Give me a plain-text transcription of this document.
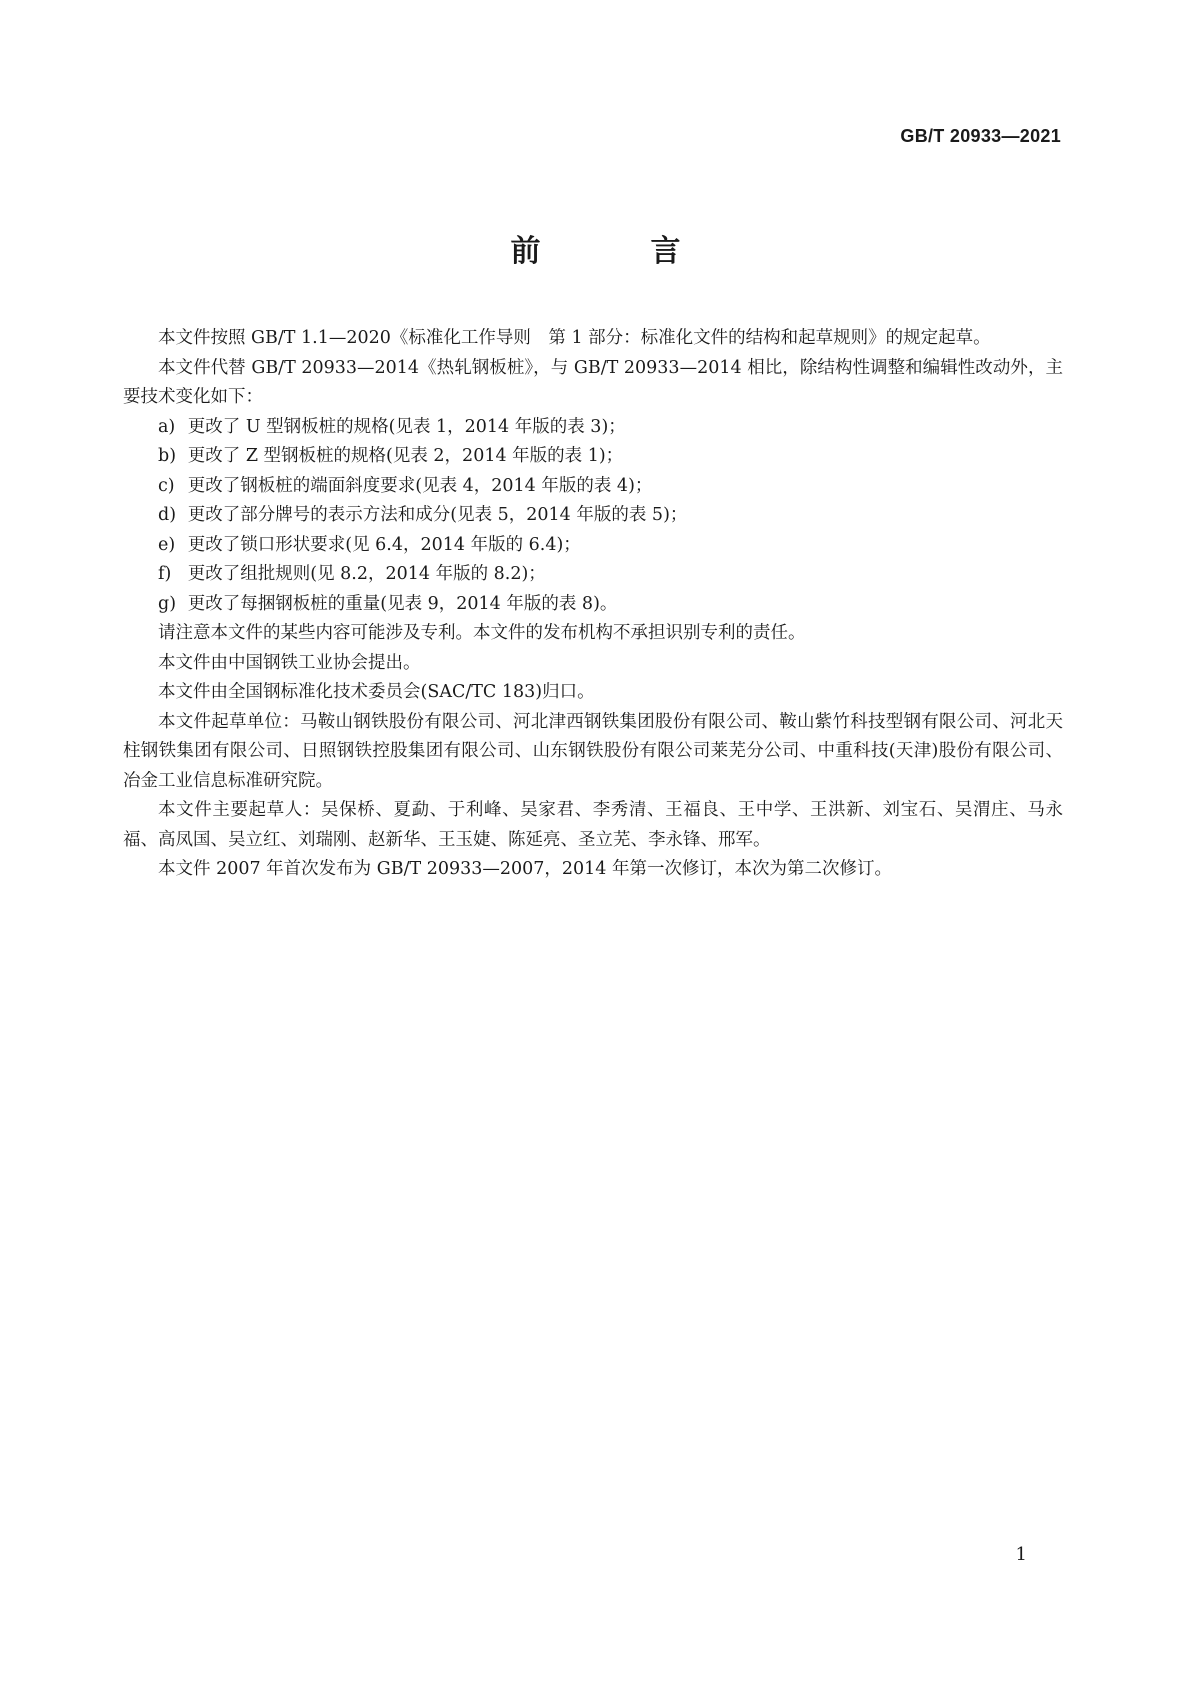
GB/T 20933—2021
前　言

本文件按照 GB/T 1.1—2020《标准化工作导则　第 1 部分：标准化文件的结构和起草规则》的规定起草。

本文件代替 GB/T 20933—2014《热轧钢板桩》，与 GB/T 20933—2014 相比，除结构性调整和编辑性改动外，主要技术变化如下：

a) 更改了 U 型钢板桩的规格(见表 1，2014 年版的表 3)；
b) 更改了 Z 型钢板桩的规格(见表 2，2014 年版的表 1)；
c) 更改了钢板桩的端面斜度要求(见表 4，2014 年版的表 4)；
d) 更改了部分牌号的表示方法和成分(见表 5，2014 年版的表 5)；
e) 更改了锁口形状要求(见 6.4，2014 年版的 6.4)；
f) 更改了组批规则(见 8.2，2014 年版的 8.2)；
g) 更改了每捆钢板桩的重量(见表 9，2014 年版的表 8)。

请注意本文件的某些内容可能涉及专利。本文件的发布机构不承担识别专利的责任。

本文件由中国钢铁工业协会提出。

本文件由全国钢标准化技术委员会(SAC/TC 183)归口。

本文件起草单位：马鞍山钢铁股份有限公司、河北津西钢铁集团股份有限公司、鞍山紫竹科技型钢有限公司、河北天柱钢铁集团有限公司、日照钢铁控股集团有限公司、山东钢铁股份有限公司莱芜分公司、中重科技(天津)股份有限公司、冶金工业信息标准研究院。

本文件主要起草人：吴保桥、夏勐、于利峰、吴家君、李秀清、王福良、王中学、王洪新、刘宝石、吴渭庄、马永福、高凤国、吴立红、刘瑞刚、赵新华、王玉婕、陈延亮、圣立芜、李永锋、邢军。

本文件 2007 年首次发布为 GB/T 20933—2007，2014 年第一次修订，本次为第二次修订。

1
